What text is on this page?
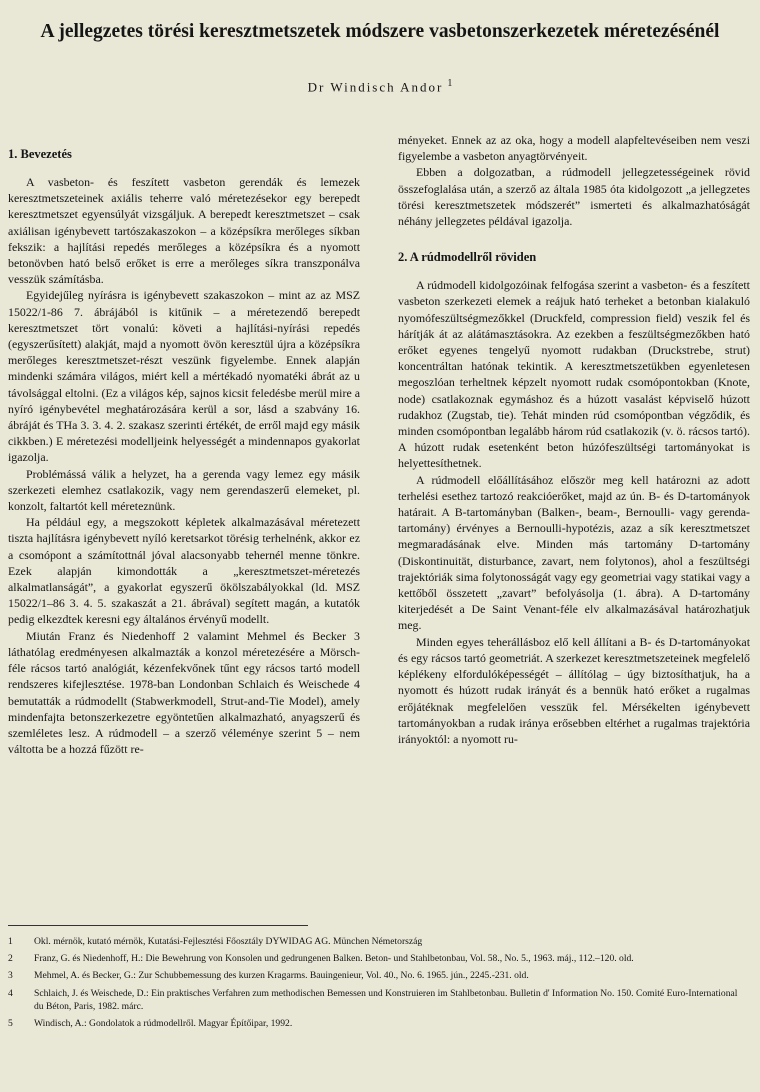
A jellegzetes törési keresztmetszetek módszere vasbetonszerkezetek méretezésénél
Dr Windisch Andor $^1$
1. Bevezetés

A vasbeton- és feszített vasbeton gerendák és lemezek keresztmetszeteinek axiális teherre való méretezésekor egy berepedt keresztmetszet egyensúlyát vizsgáljuk. A berepedt keresztmetszet – csak axiálisan igénybevett tartószakaszokon – a középsíkra merőleges síkban fekszik: a hajlítási repedés merőleges a középsíkra és a nyomott betonövben ható belső erőket is erre a merőleges síkra transzponálva vesszük számításba.

Egyidejűleg nyírásra is igénybevett szakaszokon – mint az az MSZ 15022/1-86 7. ábrájából is kitűnik – a méretezendő berepedt keresztmetszet tört vonalú: követi a hajlítási-nyírási repedés (egyszerűsített) alakját, majd a nyomott övön keresztül újra a középsíkra merőleges keresztmetszet-részt veszünk figyelembe. Ennek alapján mindenki számára világos, miért kell a mértékadó nyomatéki ábrát az u távolsággal eltolni. (Ez a világos kép, sajnos kicsit feledésbe merül mire a nyíró igénybevétel meghatározására kerül a sor, lásd a szabvány 16. ábráját és THa 3. 3. 4. 2. szakasz szerinti értékét, de erről majd egy másik cikkben.) E méretezési modelljeink helyességét a mindennapos gyakorlat igazolja.

Problémássá válik a helyzet, ha a gerenda vagy lemez egy másik szerkezeti elemhez csatlakozik, vagy nem gerendaszerű elemeket, pl. konzolt, faltartót kell méreteznünk.

Ha például egy, a megszokott képletek alkalmazásával méretezett tiszta hajlításra igénybevett nyíló keretsarkot törésig terhelnénk, akkor ez a csomópont a számítottnál jóval alacsonyabb tehernél menne tönkre. Ezek alapján kimondották a „keresztmetszet-méretezés alkalmatlanságát”, a gyakorlat egyszerű ökölszabályokkal (ld. MSZ 15022/1–86 3. 4. 5. szakaszát a 21. ábrával) segített magán, a kutatók pedig elkezdtek keresni egy általános érvényű modellt.

Miután Franz és Niedenhoff 2 valamint Mehmel és Becker 3 láthatólag eredményesen alkalmazták a konzol méretezésére a Mörsch-féle rácsos tartó analógiát, kézenfekvőnek tűnt egy rácsos tartó modell rendszeres kifejlesztése. 1978-ban Londonban Schlaich és Weischede 4 bemutatták a rúdmodellt (Stabwerkmodell, Strut-and-Tie Model), amely mindenfajta betonszerkezetre egyöntetűen alkalmazható, anyagszerű és szemléletes lesz. A rúdmodell – a szerző véleménye szerint 5 – nem váltotta be a hozzá fűzött re-

ményeket. Ennek az az oka, hogy a modell alapfeltevéseiben nem veszi figyelembe a vasbeton anyagtörvényeit.

Ebben a dolgozatban, a rúdmodell jellegzetességeinek rövid összefoglalása után, a szerző az általa 1985 óta kidolgozott „a jellegzetes törési keresztmetszetek módszerét” ismerteti és alkalmazhatóságát néhány jellegzetes példával igazolja.

2. A rúdmodellről röviden

A rúdmodell kidolgozóinak felfogása szerint a vasbeton- és a feszített vasbeton szerkezeti elemek a reájuk ható terheket a betonban kialakuló nyomófeszültségmezőkkel (Druckfeld, compression field) veszik fel és hárítják át az alátámasztásokra. Az ezekben a feszültségmezőkben ható erőket egyenes tengelyű nyomott rudakban (Druckstrebe, strut) koncentráltan hatónak tekintik. A keresztmetszetükben egyenletesen megoszlóan terheltnek képzelt nyomott rudak csomópontokban (Knote, node) csatlakoznak egymáshoz és a húzott vasalást képviselő húzott rudakhoz (Zugstab, tie). Tehát minden rúd csomópontban végződik, és minden csomópontban legalább három rúd csatlakozik (v. ö. rácsos tartó). A húzott rudak esetenként beton húzófeszültségi tartományokat is helyettesíthetnek.

A rúdmodell előállításához először meg kell határozni az adott terhelési esethez tartozó reakcióerőket, majd az ún. B- és D-tartományok határait. A B-tartományban (Balken-, beam-, Bernoulli- vagy gerenda-tartomány) érvényes a Bernoulli-hypotézis, azaz a sík keresztmetszet megmaradásának elve. Minden más tartomány D-tartomány (Diskontinuität, disturbance, zavart, nem folytonos), ahol a feszültségi trajektóriák sima folytonosságát vagy egy geometriai vagy statikai vagy a kettőből összetett „zavart” befolyásolja (1. ábra). A D-tartomány kiterjedését a De Saint Venant-féle elv alkalmazásával határozhatjuk meg.

Minden egyes teherállásboz elő kell állítani a B- és D-tartományokat és egy rácsos tartó geometriát. A szerkezet keresztmetszeteinek megfelelő képlékeny elfordulóképességét – állítólag – úgy biztosíthatjuk, ha a nyomott és húzott rudak irányát és a bennük ható erőket a rugalmas erőjátéknak megfelelően vesszük fel. Mérsékelten igénybevett tartományokban a rudak iránya erősebben eltérhet a rugalmas trajektória irányoktól: a nyomott ru-

1	Okl. mérnök, kutató mérnök, Kutatási-Fejlesztési Főosztály DYWIDAG AG. München Németország
2	Franz, G. és Niedenhoff, H.: Die Bewehrung von Konsolen und gedrungenen Balken. Beton- und Stahlbetonbau, Vol. 58., No. 5., 1963. máj., 112.–120. old.
3	Mehmel, A. és Becker, G.: Zur Schubbemessung des kurzen Kragarms. Bauingenieur, Vol. 40., No. 6. 1965. jún., 2245.-231. old.
4	Schlaich, J. és Weischede, D.: Ein praktisches Verfahren zum methodischen Bemessen und Konstruieren im Stahlbetonbau. Bulletin d' Information No. 150. Comité Euro-International du Béton, Paris, 1982. márc.
5	Windisch, A.: Gondolatok a rúdmodellről. Magyar Építőipar, 1992.
